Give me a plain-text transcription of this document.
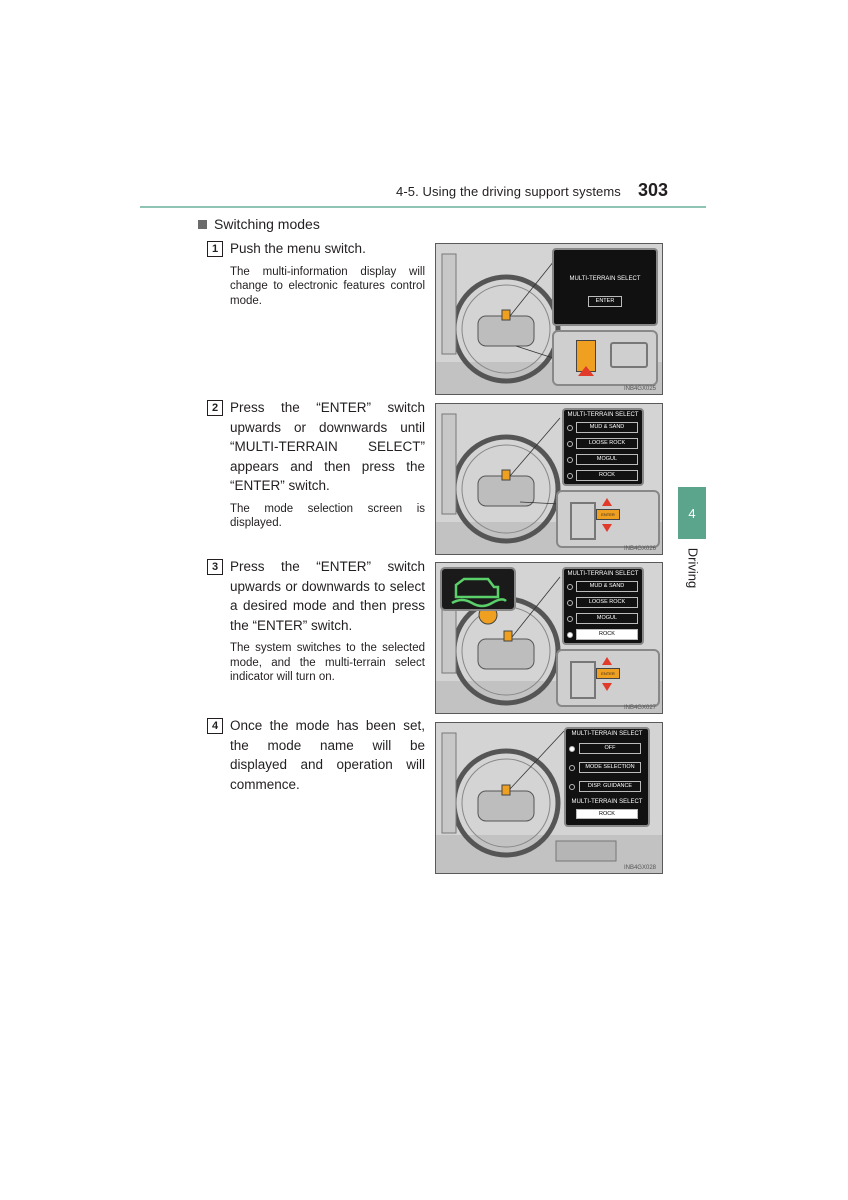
4-5. Using the driving support systems 303
4
Driving
Switching modes
1 Push the menu switch.
The multi-information display will change to electronic features control mode.
2 Press the “ENTER” switch upwards or downwards until “MULTI-TERRAIN SELECT” appears and then press the “ENTER” switch.
The mode selection screen is displayed.
3 Press the “ENTER” switch upwards or downwards to select a desired mode and then press the “ENTER” switch.
The system switches to the selected mode, and the multi-terrain select indicator will turn on.
4 Once the mode has been set, the mode name will be displayed and operation will commence.
MULTI-TERRAIN SELECT
ENTER
INB4GX025
MULTI-TERRAIN SELECT
MUD & SAND
LOOSE ROCK
MOGUL
ROCK
ENTER
INB4GX026
MULTI-TERRAIN SELECT
MUD & SAND
LOOSE ROCK
MOGUL
ROCK
ENTER
INB4GX027
MULTI-TERRAIN SELECT
OFF
MODE SELECTION
DISP. GUIDANCE
MULTI-TERRAIN SELECT
ROCK
INB4GX028
